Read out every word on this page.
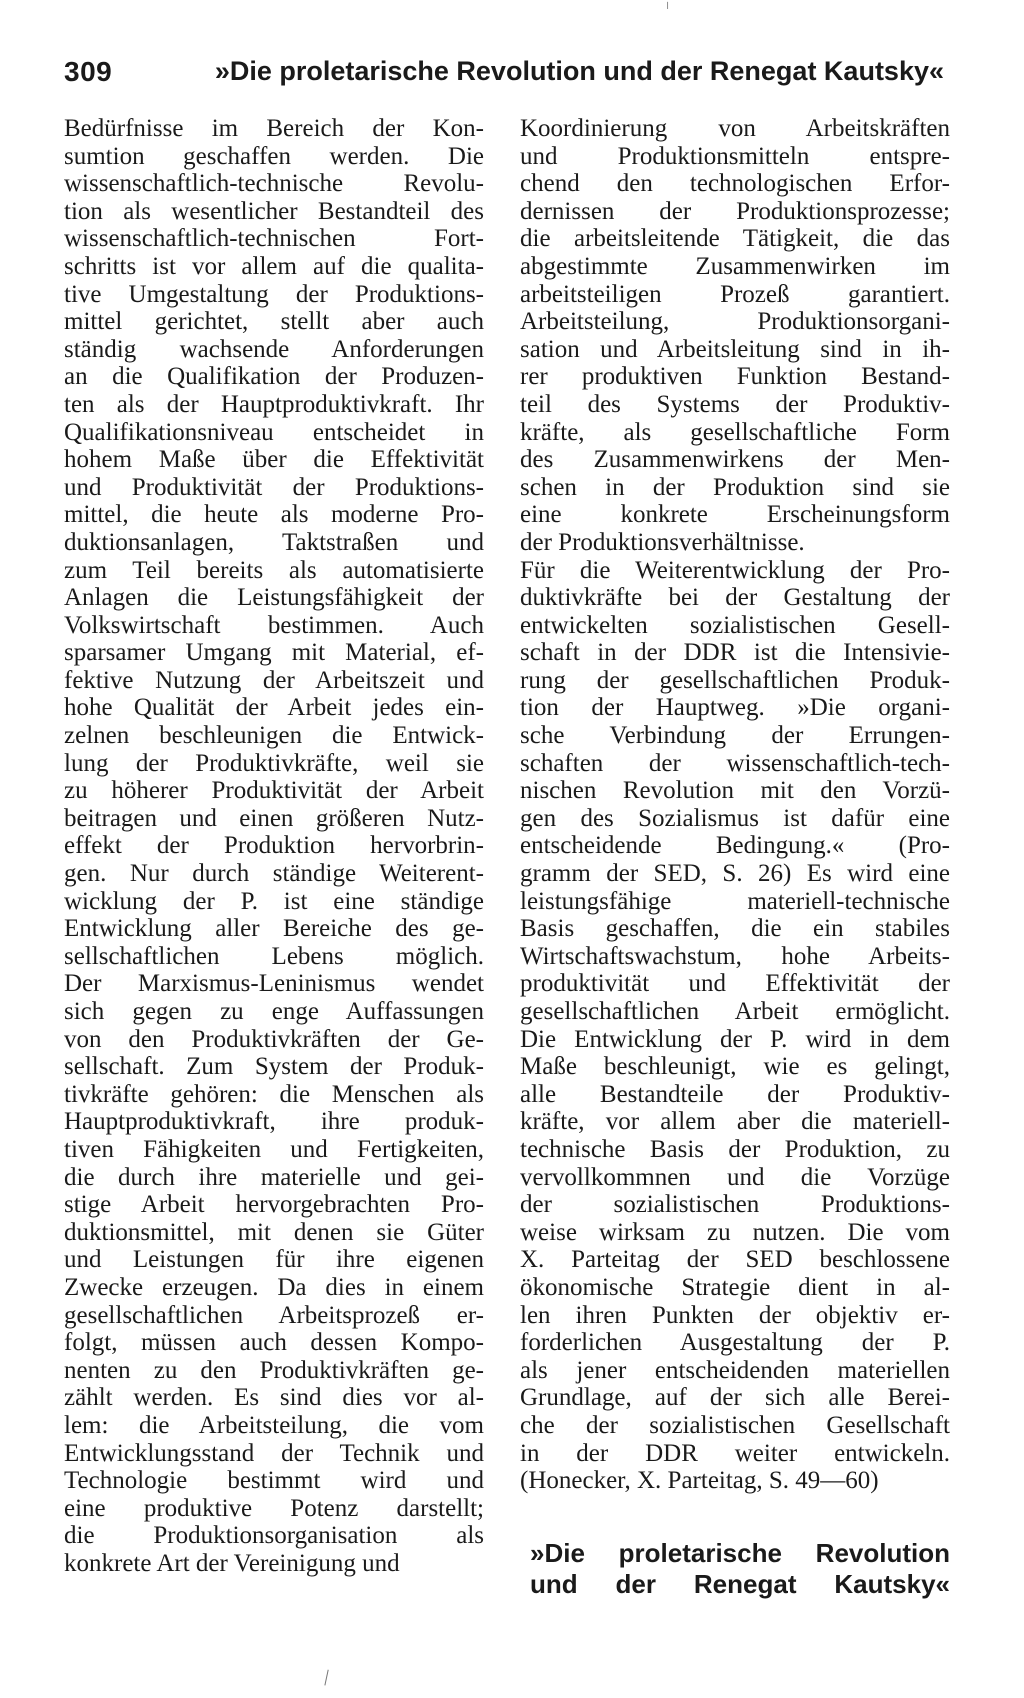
╵
309	»Die proletarische Revolution und der Renegat Kautsky«
Bedürfnisse im Bereich der Kon-
sumtion geschaffen werden. Die
wissenschaftlich-technische Revolu-
tion als wesentlicher Bestandteil des
wissenschaftlich-technischen Fort-
schritts ist vor allem auf die qualita-
tive Umgestaltung der Produktions-
mittel gerichtet, stellt aber auch
ständig wachsende Anforderungen
an die Qualifikation der Produzen-
ten als der Hauptproduktivkraft. Ihr
Qualifikationsniveau entscheidet in
hohem Maße über die Effektivität
und Produktivität der Produktions-
mittel, die heute als moderne Pro-
duktionsanlagen, Taktstraßen und
zum Teil bereits als automatisierte
Anlagen die Leistungsfähigkeit der
Volkswirtschaft bestimmen. Auch
sparsamer Umgang mit Material, ef-
fektive Nutzung der Arbeitszeit und
hohe Qualität der Arbeit jedes ein-
zelnen beschleunigen die Entwick-
lung der Produktivkräfte, weil sie
zu höherer Produktivität der Arbeit
beitragen und einen größeren Nutz-
effekt der Produktion hervorbrin-
gen. Nur durch ständige Weiterent-
wicklung der P. ist eine ständige
Entwicklung aller Bereiche des ge-
sellschaftlichen Lebens möglich.
Der Marxismus-Leninismus wendet
sich gegen zu enge Auffassungen
von den Produktivkräften der Ge-
sellschaft. Zum System der Produk-
tivkräfte gehören: die Menschen als
Hauptproduktivkraft, ihre produk-
tiven Fähigkeiten und Fertigkeiten,
die durch ihre materielle und gei-
stige Arbeit hervorgebrachten Pro-
duktionsmittel, mit denen sie Güter
und Leistungen für ihre eigenen
Zwecke erzeugen. Da dies in einem
gesellschaftlichen Arbeitsprozeß er-
folgt, müssen auch dessen Kompo-
nenten zu den Produktivkräften ge-
zählt werden. Es sind dies vor al-
lem: die Arbeitsteilung, die vom
Entwicklungsstand der Technik und
Technologie bestimmt wird und
eine produktive Potenz darstellt;
die Produktionsorganisation als
konkrete Art der Vereinigung und
Koordinierung von Arbeitskräften
und Produktionsmitteln entspre-
chend den technologischen Erfor-
dernissen der Produktionsprozesse;
die arbeitsleitende Tätigkeit, die das
abgestimmte Zusammenwirken im
arbeitsteiligen Prozeß garantiert.
Arbeitsteilung, Produktionsorgani-
sation und Arbeitsleitung sind in ih-
rer produktiven Funktion Bestand-
teil des Systems der Produktiv-
kräfte, als gesellschaftliche Form
des Zusammenwirkens der Men-
schen in der Produktion sind sie
eine konkrete Erscheinungsform
der Produktionsverhältnisse.
Für die Weiterentwicklung der Pro-
duktivkräfte bei der Gestaltung der
entwickelten sozialistischen Gesell-
schaft in der DDR ist die Intensivie-
rung der gesellschaftlichen Produk-
tion der Hauptweg. »Die organi-
sche Verbindung der Errungen-
schaften der wissenschaftlich-tech-
nischen Revolution mit den Vorzü-
gen des Sozialismus ist dafür eine
entscheidende Bedingung.« (Pro-
gramm der SED, S. 26) Es wird eine
leistungsfähige materiell-technische
Basis geschaffen, die ein stabiles
Wirtschaftswachstum, hohe Arbeits-
produktivität und Effektivität der
gesellschaftlichen Arbeit ermöglicht.
Die Entwicklung der P. wird in dem
Maße beschleunigt, wie es gelingt,
alle Bestandteile der Produktiv-
kräfte, vor allem aber die materiell-
technische Basis der Produktion, zu
vervollkommnen und die Vorzüge
der sozialistischen Produktions-
weise wirksam zu nutzen. Die vom
X. Parteitag der SED beschlossene
ökonomische Strategie dient in al-
len ihren Punkten der objektiv er-
forderlichen Ausgestaltung der P.
als jener entscheidenden materiellen
Grundlage, auf der sich alle Berei-
che der sozialistischen Gesellschaft
in der DDR weiter entwickeln.
(Honecker, X. Parteitag, S. 49—60)
»Die proletarische Revolution
und der Renegat Kautsky«
